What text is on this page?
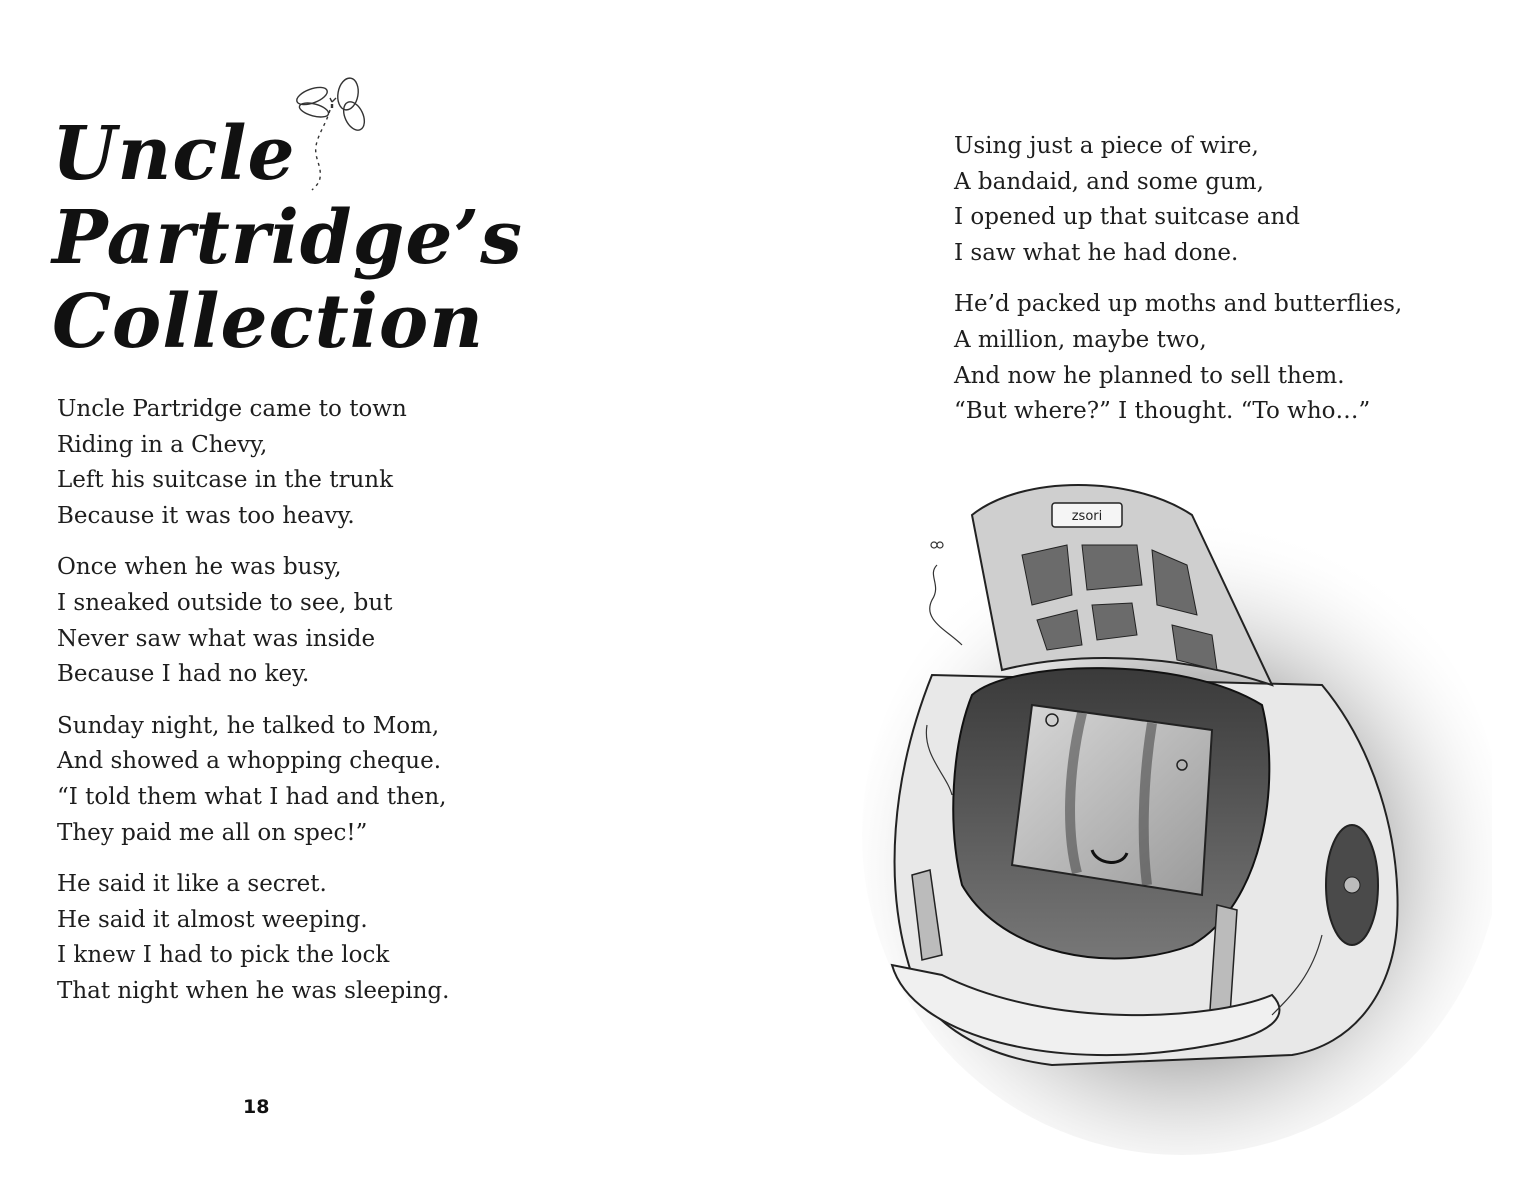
Uncle
Partridge’s
Collection
Uncle Partridge came to town
Riding in a Chevy,
Left his suitcase in the trunk
Because it was too heavy.
Once when he was busy,
I sneaked outside to see, but
Never saw what was inside
Because I had no key.
Sunday night, he talked to Mom,
And showed a whopping cheque.
“I told them what I had and then,
They paid me all on spec!”
He said it like a secret.
He said it almost weeping.
I knew I had to pick the lock
That night when he was sleeping.
18
Using just a piece of wire,
A bandaid, and some gum,
I opened up that suitcase and
I saw what he had done.
He’d packed up moths and butterflies,
A million, maybe two,
And now he planned to sell them.
“But where?” I thought. “To who…”
zsori
